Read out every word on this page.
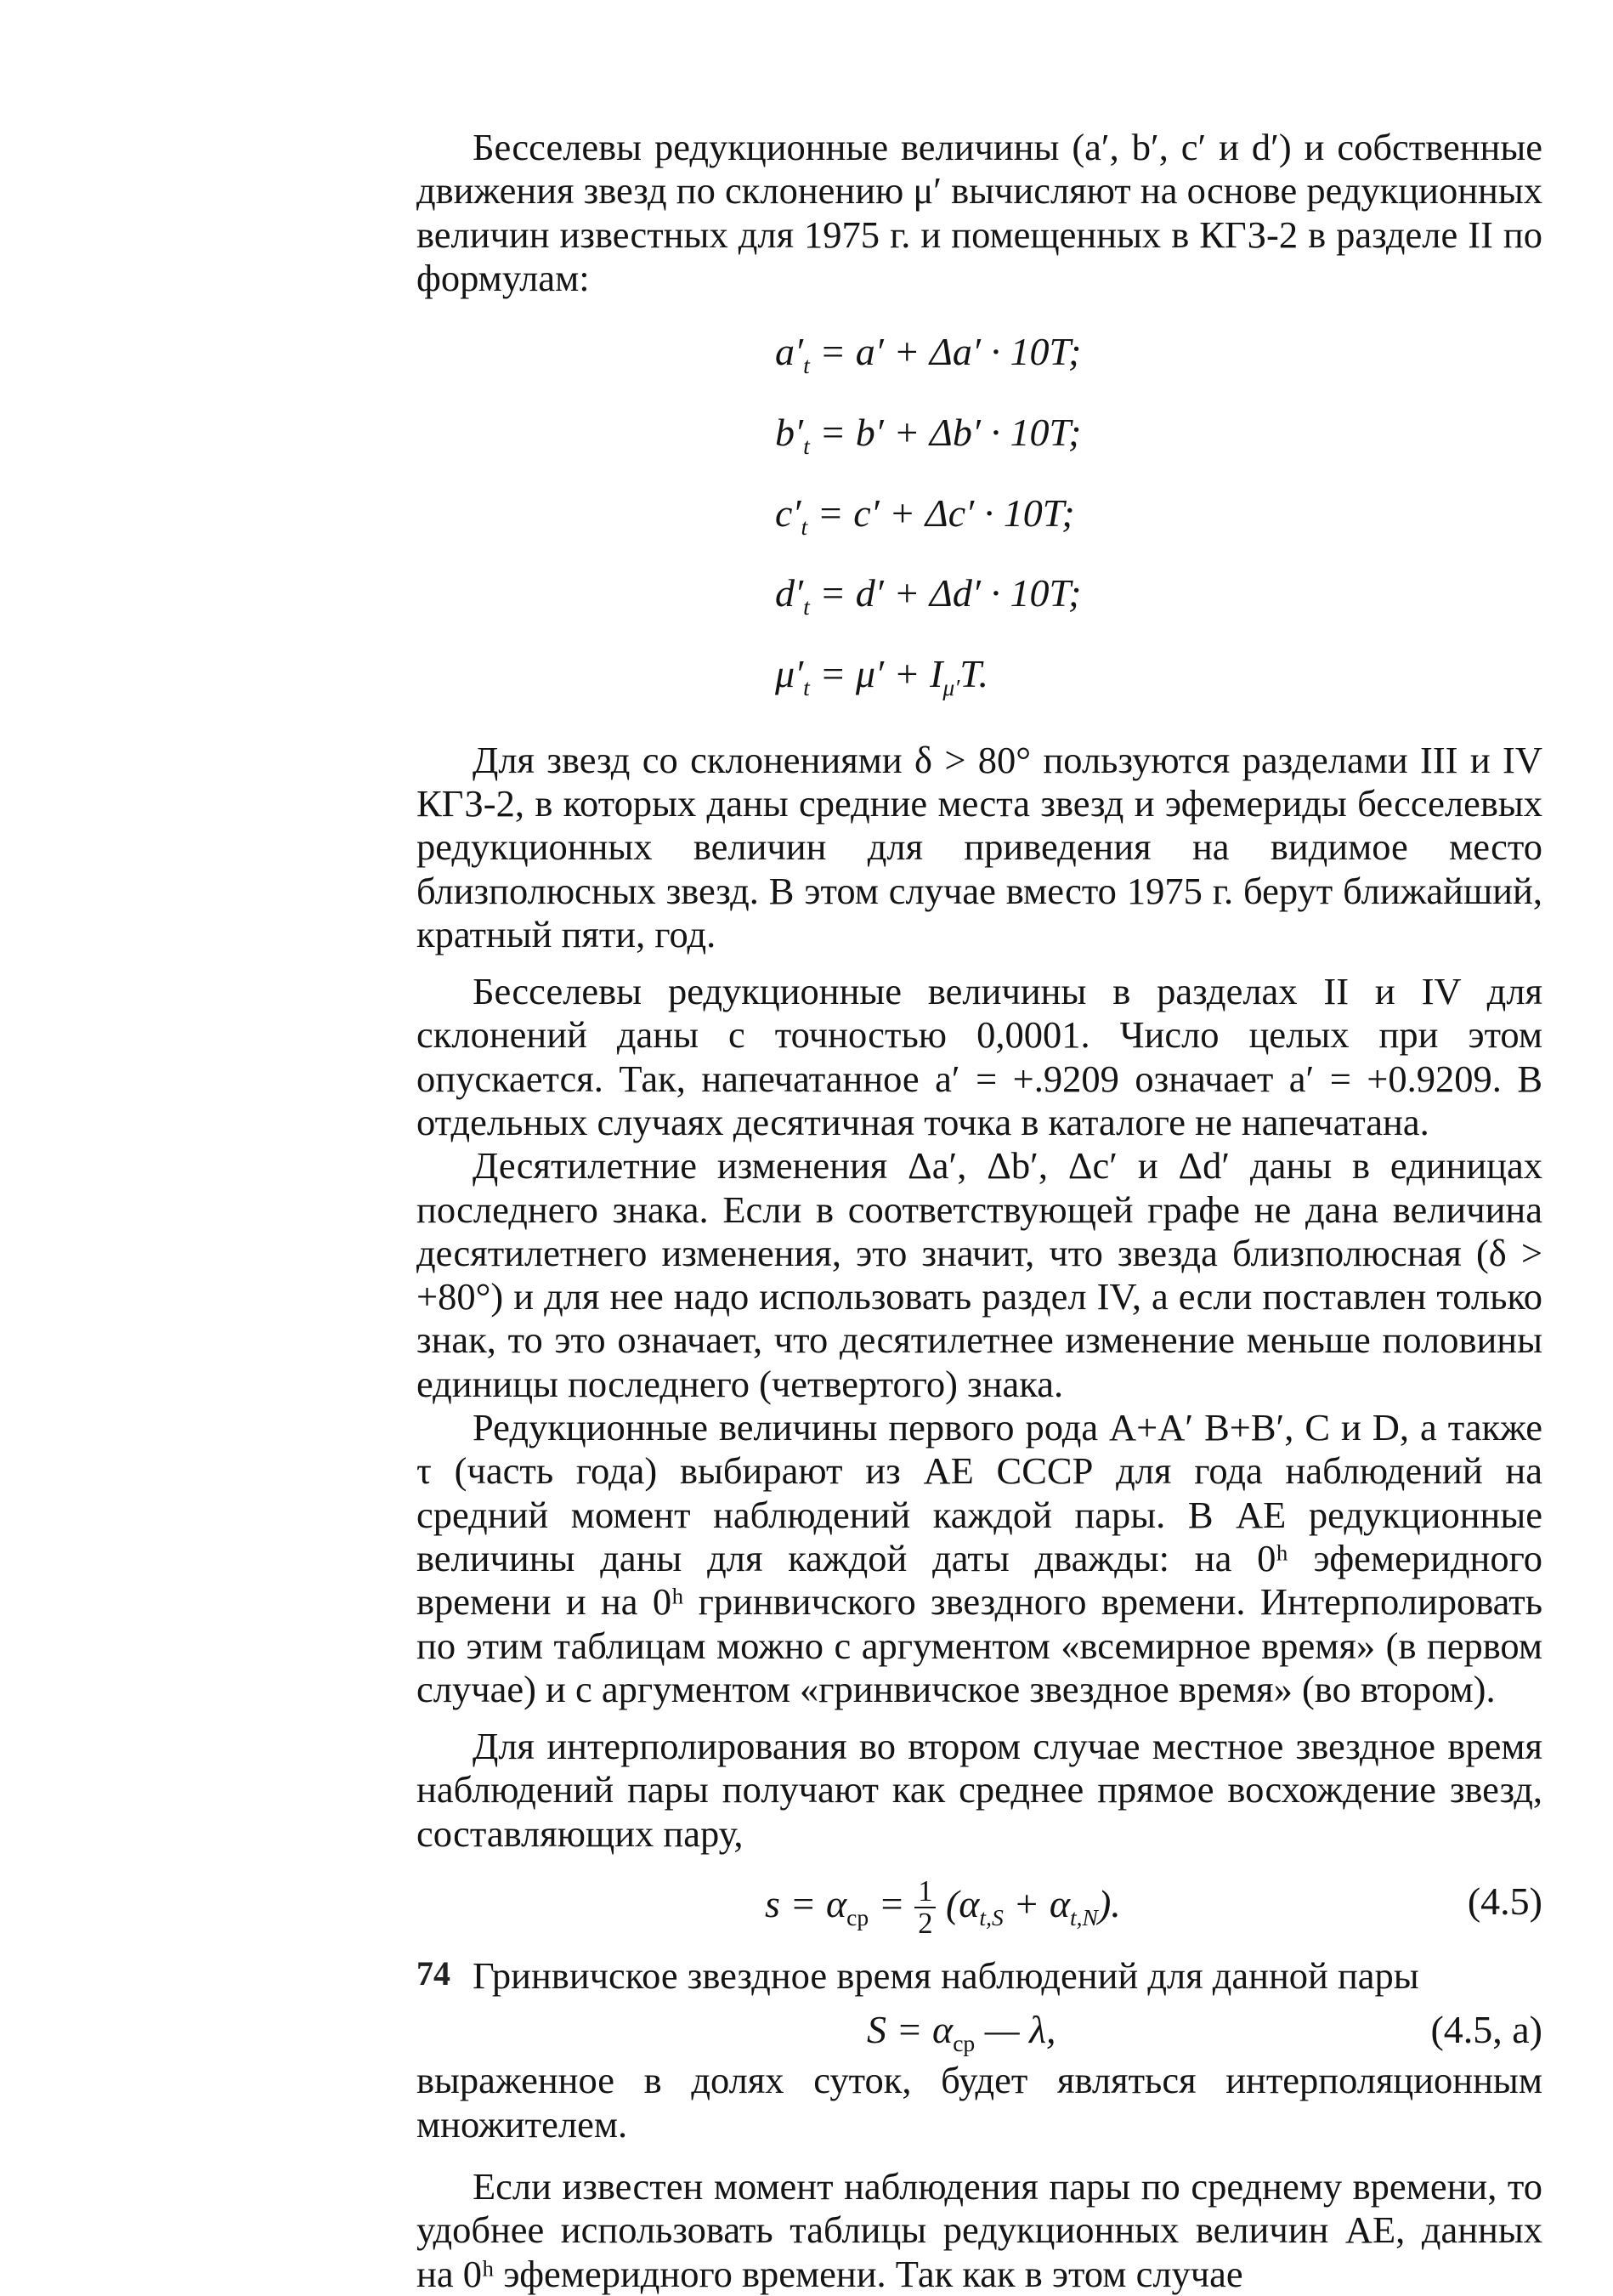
Бесселевы редукционные величины (a′, b′, c′ и d′) и собственные движения звезд по склонению μ′ вычисляют на основе редукционных величин известных для 1975 г. и помещенных в КГЗ-2 в разделе II по формулам:

$a'_t = a' + \Delta a' \cdot 10T$;
$b'_t = b' + \Delta b' \cdot 10T$;
$c'_t = c' + \Delta c' \cdot 10T$;
$d'_t = d' + \Delta d' \cdot 10T$;
$\mu'_t = \mu' + I_{\mu'}T$.

Для звезд со склонениями δ > 80° пользуются разделами III и IV КГЗ-2, в которых даны средние места звезд и эфемериды бесселевых редукционных величин для приведения на видимое место близполюсных звезд. В этом случае вместо 1975 г. берут ближайший, кратный пяти, год.

Бесселевы редукционные величины в разделах II и IV для склонений даны с точностью 0,0001. Число целых при этом опускается. Так, напечатанное a′ = +.9209 означает a′ = +0.9209. В отдельных случаях десятичная точка в каталоге не напечатана.

Десятилетние изменения Δa′, Δb′, Δc′ и Δd′ даны в единицах последнего знака. Если в соответствующей графе не дана величина десятилетнего изменения, это значит, что звезда близполюсная (δ > +80°) и для нее надо использовать раздел IV, а если поставлен только знак, то это означает, что десятилетнее изменение меньше половины единицы последнего (четвертого) знака.

Редукционные величины первого рода A+A′ B+B′, C и D, а также τ (часть года) выбирают из АЕ СССР для года наблюдений на средний момент наблюдений каждой пары. В АЕ редукционные величины даны для каждой даты дважды: на 0ʰ эфемеридного времени и на 0ʰ гринвичского звездного времени. Интерполировать по этим таблицам можно с аргументом «всемирное время» (в первом случае) и с аргументом «гринвичское звездное время» (во втором).

Для интерполирования во втором случае местное звездное время наблюдений пары получают как среднее прямое восхождение звезд, составляющих пару,

$s = \alpha_{ср} = \frac{1}{2} (\alpha_{t,S} + \alpha_{t,N})$.	(4.5)

Гринвичское звездное время наблюдений для данной пары

$S = \alpha_{ср}$ — λ,	(4.5, a)

выраженное в долях суток, будет являться интерполяционным множителем.

Если известен момент наблюдения пары по среднему времени, то удобнее использовать таблицы редукционных величин АЕ, данных на 0ʰ эфемеридного времени. Так как в этом случае

74
